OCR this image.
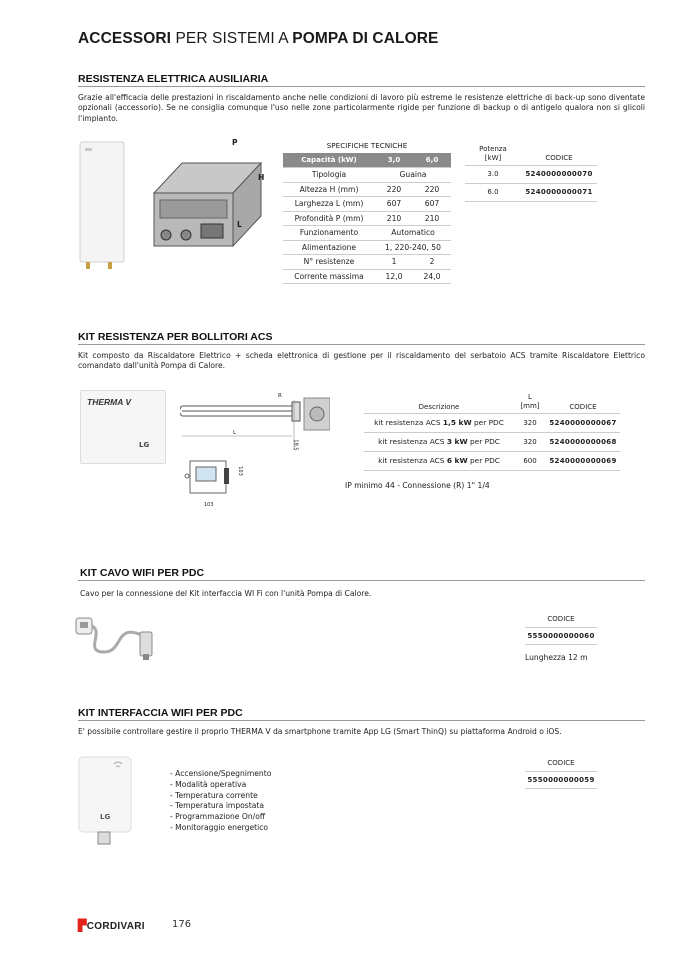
ACCESSORI PER SISTEMI A POMPA DI CALORE
RESISTENZA ELETTRICA AUSILIARIA
Grazie all'efficacia delle prestazioni in riscaldamento anche nelle condizioni di lavoro più estreme le resistenze elettriche di back-up sono diventate opzionali (accessorio). Se ne consiglia comunque l'uso nelle zone particolarmente rigide per funzione di backup o di antigelo qualora non si glicoli l'impianto.
P
H
L
SPECIFICHE TECNICHE
Capacità (kW)	3,0	6,0
Tipologia	Guaina	
Altezza H (mm)	220	220
Larghezza L (mm)	607	607
Profondità P (mm)	210	210
Funzionamento	Automatico	
Alimentazione	1, 220-240, 50	
N° resistenze	1	2
Corrente massima	12,0	24,0
Potenza
[kW]	CODICE
3.0	5240000000070
6.0	5240000000071
KIT RESISTENZA PER BOLLITORI ACS
Kit composto da Riscaldatore Elettrico + scheda elettronica di gestione per il riscaldamento del serbatoio ACS tramite Riscaldatore Elettrico comandato dall'unità Pompa di Calore.
THERMA V
LG
R
L
18.5
103
103
Descrizione	L
[mm]	CODICE
kit resistenza ACS 1,5 kW per PDC	320	5240000000067
kit resistenza ACS 3 kW per PDC	320	5240000000068
kit resistenza ACS 6 kW per PDC	600	5240000000069
IP minimo 44 - Connessione (R) 1" 1/4
KIT CAVO WIFI PER PDC
Cavo per la connessione del Kit interfaccia WI Fi con l'unità Pompa di Calore.
CODICE
5550000000060
Lunghezza 12 m
KIT INTERFACCIA WIFI PER PDC
E' possibile controllare gestire il proprio THERMA V da smartphone tramite App LG (Smart ThinQ) su piattaforma Android o iOS.
LG
- Accensione/Spegnimento
- Modalità operativa
- Temperatura corrente
- Temperatura impostata
- Programmazione On/off
- Monitoraggio energetico
CODICE
5550000000059
▛CORDIVARI	176
